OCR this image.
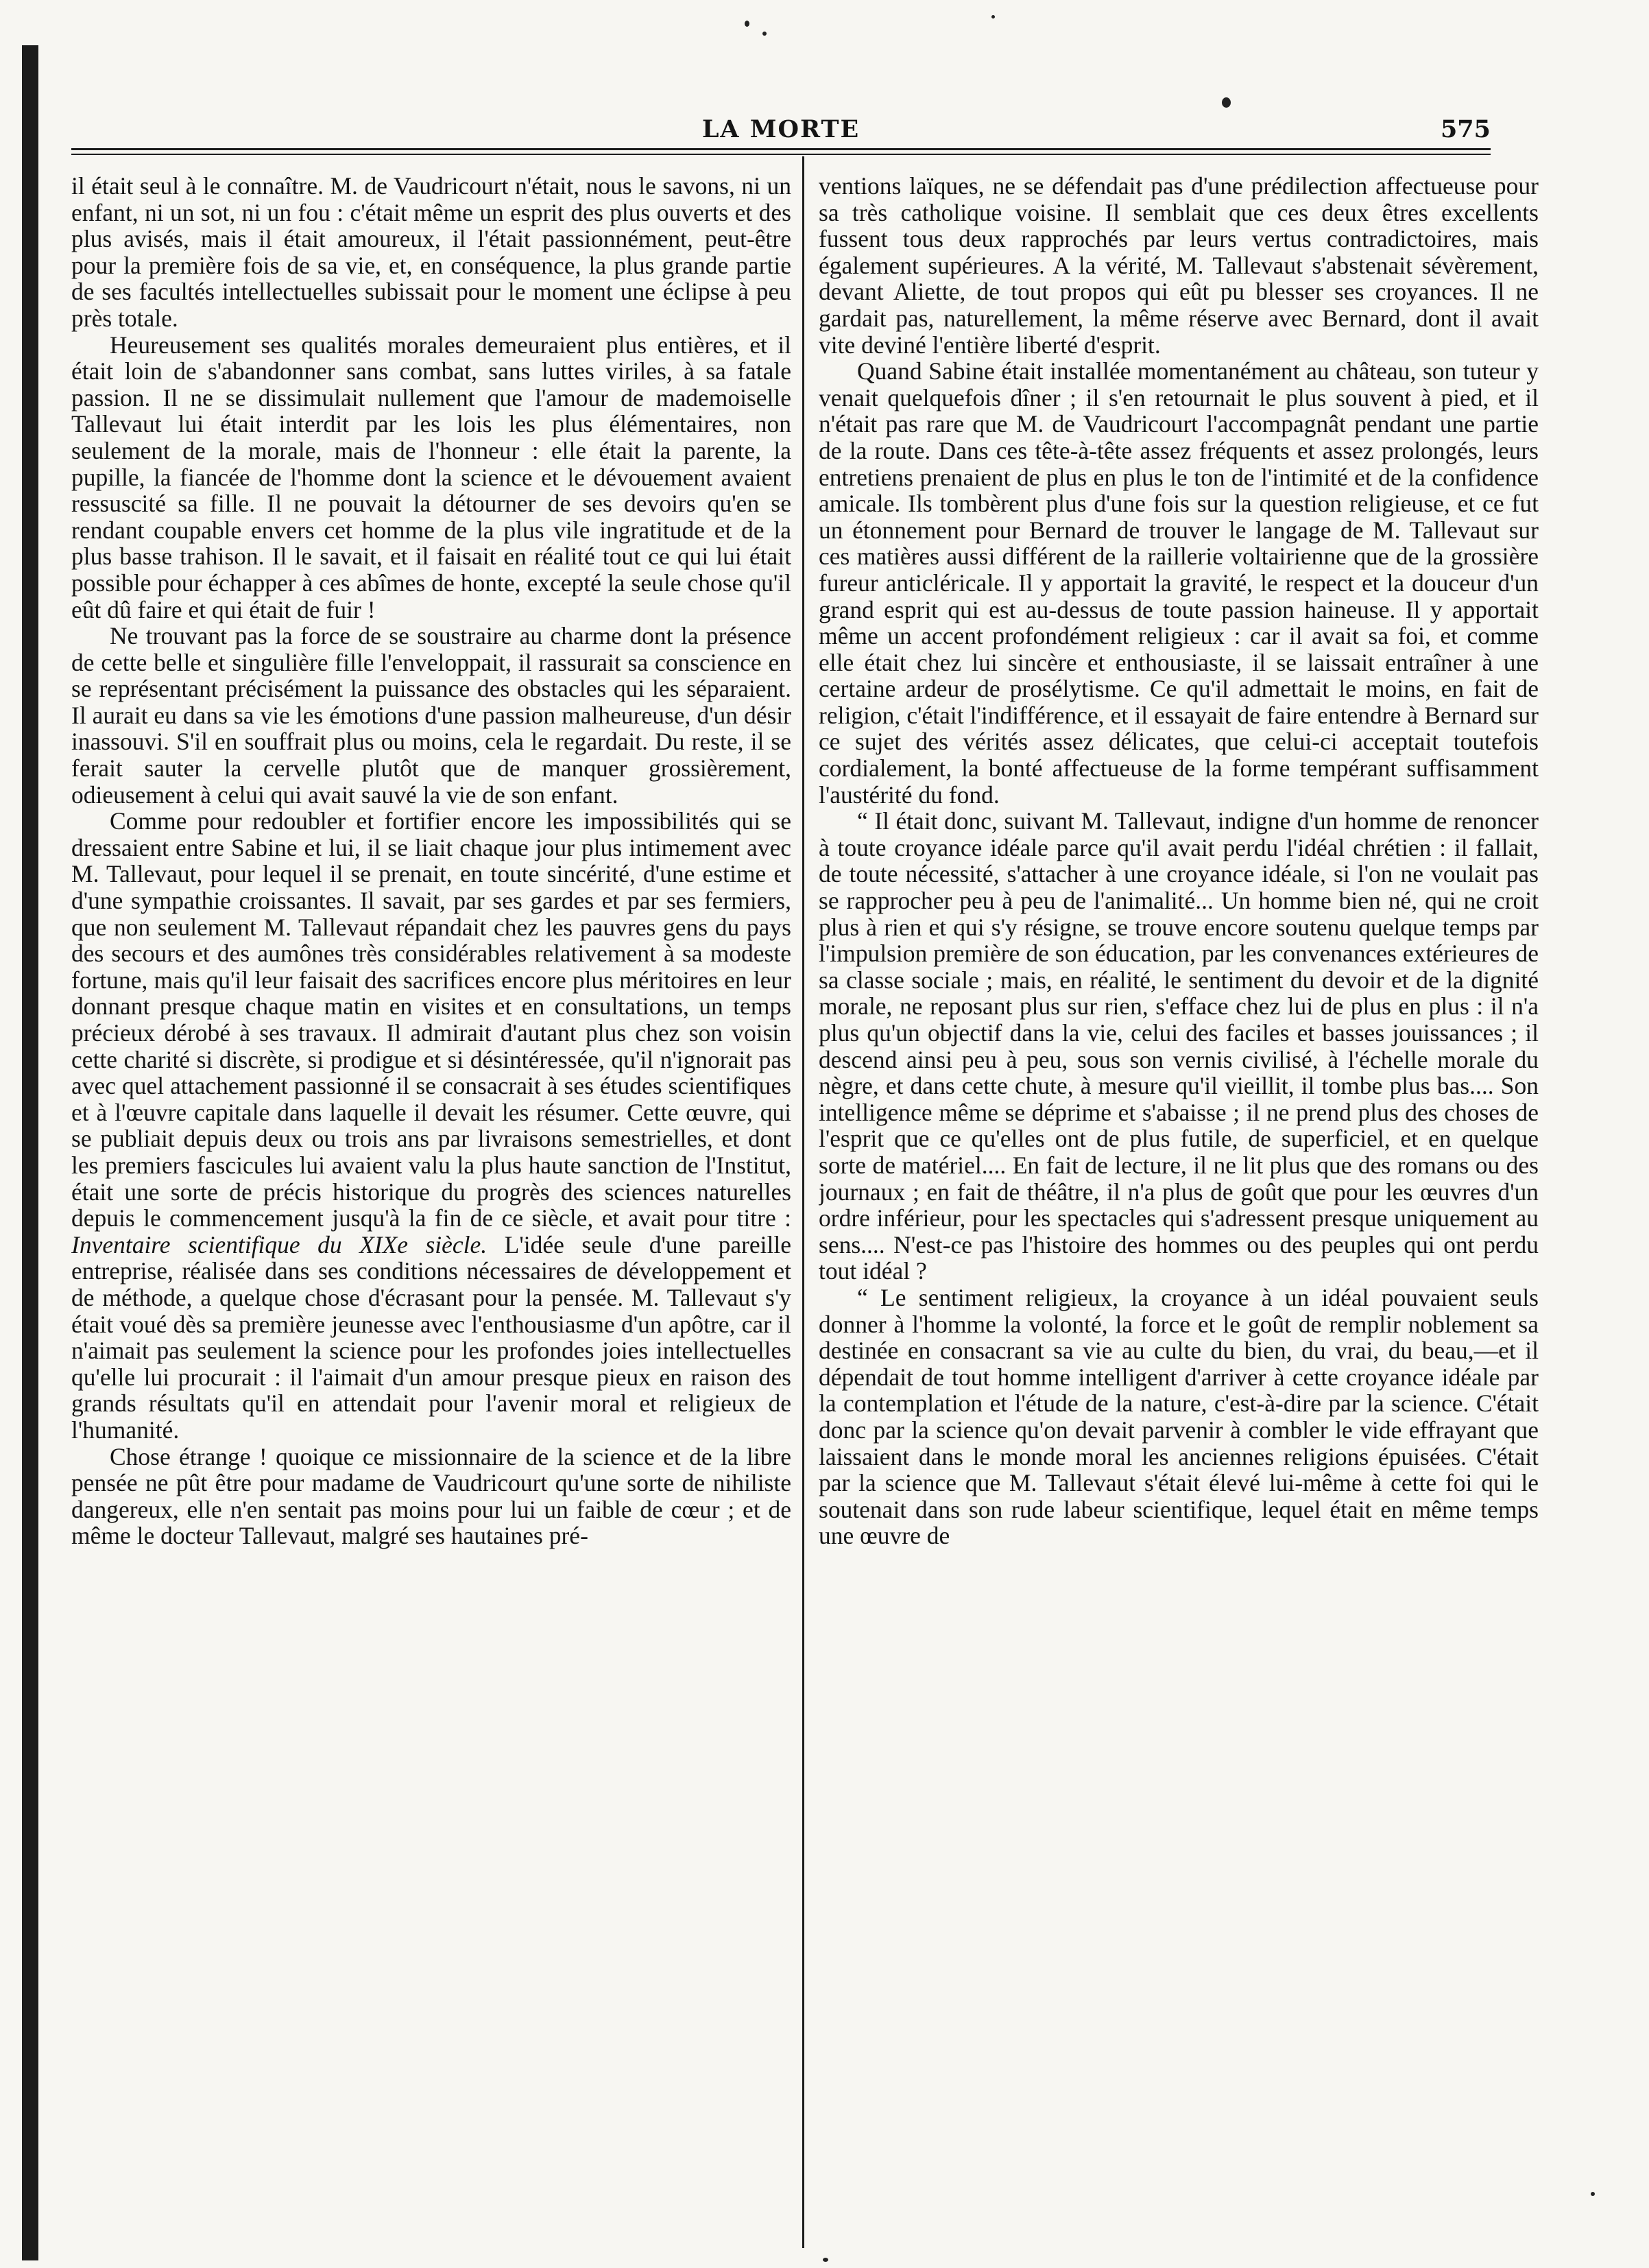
LA MORTE	575

il était seul à le connaître. M. de Vaudricourt n'était, nous le savons, ni un enfant, ni un sot, ni un fou : c'était même un esprit des plus ouverts et des plus avisés, mais il était amoureux, il l'était passionnément, peut-être pour la première fois de sa vie, et, en conséquence, la plus grande partie de ses facultés intellectuelles subissait pour le moment une éclipse à peu près totale.

Heureusement ses qualités morales demeuraient plus entières, et il était loin de s'abandonner sans combat, sans luttes viriles, à sa fatale passion. Il ne se dissimulait nullement que l'amour de mademoiselle Tallevaut lui était interdit par les lois les plus élémentaires, non seulement de la morale, mais de l'honneur : elle était la parente, la pupille, la fiancée de l'homme dont la science et le dévouement avaient ressuscité sa fille. Il ne pouvait la détourner de ses devoirs qu'en se rendant coupable envers cet homme de la plus vile ingratitude et de la plus basse trahison. Il le savait, et il faisait en réalité tout ce qui lui était possible pour échapper à ces abîmes de honte, excepté la seule chose qu'il eût dû faire et qui était de fuir !

Ne trouvant pas la force de se soustraire au charme dont la présence de cette belle et singulière fille l'enveloppait, il rassurait sa conscience en se représentant précisément la puissance des obstacles qui les séparaient. Il aurait eu dans sa vie les émotions d'une passion malheureuse, d'un désir inassouvi. S'il en souffrait plus ou moins, cela le regardait. Du reste, il se ferait sauter la cervelle plutôt que de manquer grossièrement, odieusement à celui qui avait sauvé la vie de son enfant.

Comme pour redoubler et fortifier encore les impossibilités qui se dressaient entre Sabine et lui, il se liait chaque jour plus intimement avec M. Tallevaut, pour lequel il se prenait, en toute sincérité, d'une estime et d'une sympathie croissantes. Il savait, par ses gardes et par ses fermiers, que non seulement M. Tallevaut répandait chez les pauvres gens du pays des secours et des aumônes très considérables relativement à sa modeste fortune, mais qu'il leur faisait des sacrifices encore plus méritoires en leur donnant presque chaque matin en visites et en consultations, un temps précieux dérobé à ses travaux. Il admirait d'autant plus chez son voisin cette charité si discrète, si prodigue et si désintéressée, qu'il n'ignorait pas avec quel attachement passionné il se consacrait à ses études scientifiques et à l'œuvre capitale dans laquelle il devait les résumer. Cette œuvre, qui se publiait depuis deux ou trois ans par livraisons semestrielles, et dont les premiers fascicules lui avaient valu la plus haute sanction de l'Institut, était une sorte de précis historique du progrès des sciences naturelles depuis le commencement jusqu'à la fin de ce siècle, et avait pour titre : Inventaire scientifique du XIXe siècle. L'idée seule d'une pareille entreprise, réalisée dans ses conditions nécessaires de développement et de méthode, a quelque chose d'écrasant pour la pensée. M. Tallevaut s'y était voué dès sa première jeunesse avec l'enthousiasme d'un apôtre, car il n'aimait pas seulement la science pour les profondes joies intellectuelles qu'elle lui procurait : il l'aimait d'un amour presque pieux en raison des grands résultats qu'il en attendait pour l'avenir moral et religieux de l'humanité.

Chose étrange ! quoique ce missionnaire de la science et de la libre pensée ne pût être pour madame de Vaudricourt qu'une sorte de nihiliste dangereux, elle n'en sentait pas moins pour lui un faible de cœur ; et de même le docteur Tallevaut, malgré ses hautaines pré-

ventions laïques, ne se défendait pas d'une prédilection affectueuse pour sa très catholique voisine. Il semblait que ces deux êtres excellents fussent tous deux rapprochés par leurs vertus contradictoires, mais également supérieures. A la vérité, M. Tallevaut s'abstenait sévèrement, devant Aliette, de tout propos qui eût pu blesser ses croyances. Il ne gardait pas, naturellement, la même réserve avec Bernard, dont il avait vite deviné l'entière liberté d'esprit.

Quand Sabine était installée momentanément au château, son tuteur y venait quelquefois dîner ; il s'en retournait le plus souvent à pied, et il n'était pas rare que M. de Vaudricourt l'accompagnât pendant une partie de la route. Dans ces tête-à-tête assez fréquents et assez prolongés, leurs entretiens prenaient de plus en plus le ton de l'intimité et de la confidence amicale. Ils tombèrent plus d'une fois sur la question religieuse, et ce fut un étonnement pour Bernard de trouver le langage de M. Tallevaut sur ces matières aussi différent de la raillerie voltairienne que de la grossière fureur anticléricale. Il y apportait la gravité, le respect et la douceur d'un grand esprit qui est au-dessus de toute passion haineuse. Il y apportait même un accent profondément religieux : car il avait sa foi, et comme elle était chez lui sincère et enthousiaste, il se laissait entraîner à une certaine ardeur de prosélytisme. Ce qu'il admettait le moins, en fait de religion, c'était l'indifférence, et il essayait de faire entendre à Bernard sur ce sujet des vérités assez délicates, que celui-ci acceptait toutefois cordialement, la bonté affectueuse de la forme tempérant suffisamment l'austérité du fond.

“ Il était donc, suivant M. Tallevaut, indigne d'un homme de renoncer à toute croyance idéale parce qu'il avait perdu l'idéal chrétien : il fallait, de toute nécessité, s'attacher à une croyance idéale, si l'on ne voulait pas se rapprocher peu à peu de l'animalité... Un homme bien né, qui ne croit plus à rien et qui s'y résigne, se trouve encore soutenu quelque temps par l'impulsion première de son éducation, par les convenances extérieures de sa classe sociale ; mais, en réalité, le sentiment du devoir et de la dignité morale, ne reposant plus sur rien, s'efface chez lui de plus en plus : il n'a plus qu'un objectif dans la vie, celui des faciles et basses jouissances ; il descend ainsi peu à peu, sous son vernis civilisé, à l'échelle morale du nègre, et dans cette chute, à mesure qu'il vieillit, il tombe plus bas.... Son intelligence même se déprime et s'abaisse ; il ne prend plus des choses de l'esprit que ce qu'elles ont de plus futile, de superficiel, et en quelque sorte de matériel.... En fait de lecture, il ne lit plus que des romans ou des journaux ; en fait de théâtre, il n'a plus de goût que pour les œuvres d'un ordre inférieur, pour les spectacles qui s'adressent presque uniquement au sens.... N'est-ce pas l'histoire des hommes ou des peuples qui ont perdu tout idéal ?

“ Le sentiment religieux, la croyance à un idéal pouvaient seuls donner à l'homme la volonté, la force et le goût de remplir noblement sa destinée en consacrant sa vie au culte du bien, du vrai, du beau,—et il dépendait de tout homme intelligent d'arriver à cette croyance idéale par la contemplation et l'étude de la nature, c'est-à-dire par la science. C'était donc par la science qu'on devait parvenir à combler le vide effrayant que laissaient dans le monde moral les anciennes religions épuisées. C'était par la science que M. Tallevaut s'était élevé lui-même à cette foi qui le soutenait dans son rude labeur scientifique, lequel était en même temps une œuvre de
